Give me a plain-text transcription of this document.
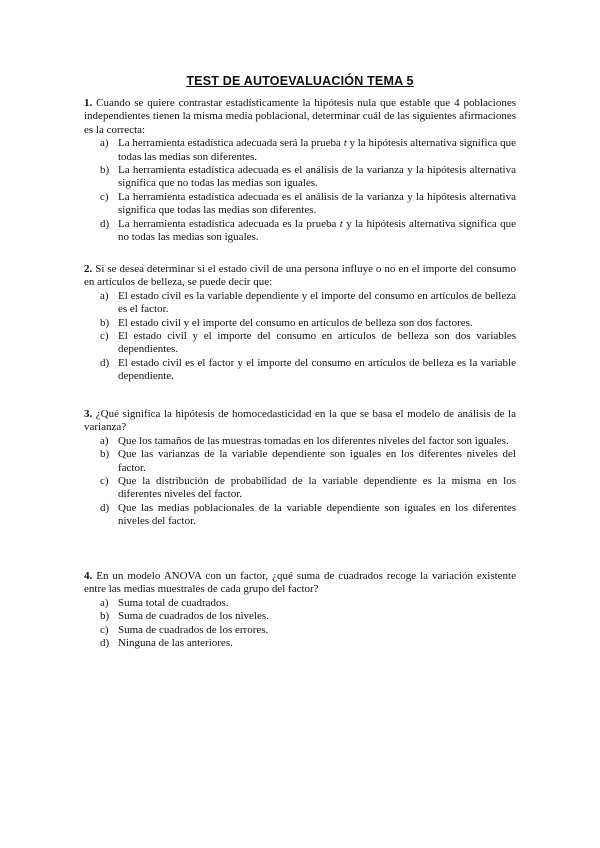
TEST DE AUTOEVALUACIÓN TEMA 5
1. Cuando se quiere contrastar estadísticamente la hipótesis nula que estable que 4 poblaciones independientes tienen la misma media poblacional, determinar cuál de las siguientes afirmaciones es la correcta:
a) La herramienta estadística adecuada será la prueba t y la hipótesis alternativa significa que todas las medias son diferentes.
b) La herramienta estadística adecuada es el análisis de la varianza y la hipótesis alternativa significa que no todas las medias son iguales.
c) La herramienta estadística adecuada es el análisis de la varianza y la hipótesis alternativa significa que todas las medias son diferentes.
d) La herramienta estadística adecuada es la prueba t y la hipótesis alternativa significa que no todas las medias son iguales.
2. Si se desea determinar si el estado civil de una persona influye o no en el importe del consumo en artículos de belleza, se puede decir que:
a) El estado civil es la variable dependiente y el importe del consumo en artículos de belleza es el factor.
b) El estado civil y el importe del consumo en artículos de belleza son dos factores.
c) El estado civil y el importe del consumo en artículos de belleza son dos variables dependientes.
d) El estado civil es el factor y el importe del consumo en artículos de belleza es la variable dependiente.
3. ¿Qué significa la hipótesis de homocedasticidad en la que se basa el modelo de análisis de la varianza?
a) Que los tamaños de las muestras tomadas en los diferentes niveles del factor son iguales.
b) Que las varianzas de la variable dependiente son iguales en los diferentes niveles del factor.
c) Que la distribución de probabilidad de la variable dependiente es la misma en los diferentes niveles del factor.
d) Que las medias poblacionales de la variable dependiente son iguales en los diferentes niveles del factor.
4. En un modelo ANOVA con un factor, ¿qué suma de cuadrados recoge la variación existente entre las medias muestrales de cada grupo del factor?
a) Suma total de cuadrados.
b) Suma de cuadrados de los niveles.
c) Suma de cuadrados de los errores.
d) Ninguna de las anteriores.
